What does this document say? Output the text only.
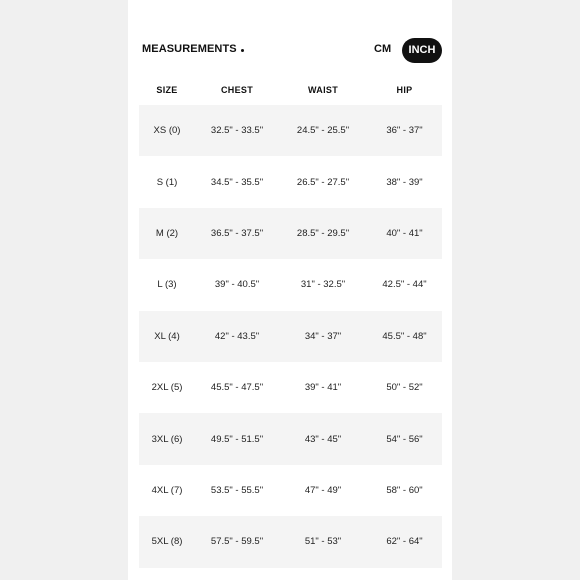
MEASUREMENTS	CM	INCH
SIZE	CHEST	WAIST	HIP
XS (0)	32.5" - 33.5"	24.5" - 25.5"	36" - 37"
S (1)	34.5" - 35.5"	26.5" - 27.5"	38" - 39"
M (2)	36.5" - 37.5"	28.5" - 29.5"	40" - 41"
L (3)	39" - 40.5"	31" - 32.5"	42.5" - 44"
XL (4)	42" - 43.5"	34" - 37"	45.5" - 48"
2XL (5)	45.5" - 47.5"	39" - 41"	50" - 52"
3XL (6)	49.5" - 51.5"	43" - 45"	54" - 56"
4XL (7)	53.5" - 55.5"	47" - 49"	58" - 60"
5XL (8)	57.5" - 59.5"	51" - 53"	62" - 64"
